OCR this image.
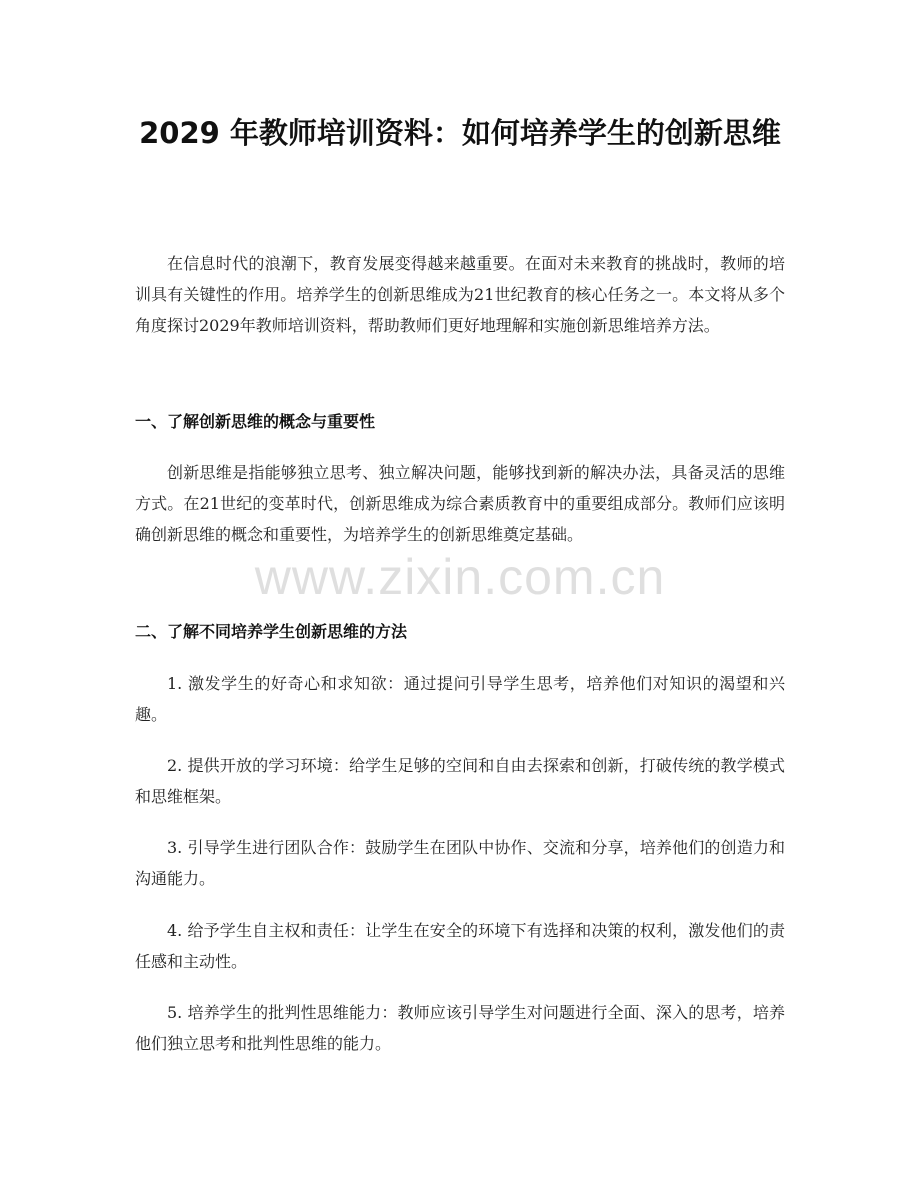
2029 年教师培训资料：如何培养学生的创新思维

在信息时代的浪潮下，教育发展变得越来越重要。在面对未来教育的挑战时，教师的培训具有关键性的作用。培养学生的创新思维成为21世纪教育的核心任务之一。本文将从多个角度探讨2029年教师培训资料，帮助教师们更好地理解和实施创新思维培养方法。

一、了解创新思维的概念与重要性

创新思维是指能够独立思考、独立解决问题，能够找到新的解决办法，具备灵活的思维方式。在21世纪的变革时代，创新思维成为综合素质教育中的重要组成部分。教师们应该明确创新思维的概念和重要性，为培养学生的创新思维奠定基础。

二、了解不同培养学生创新思维的方法

1. 激发学生的好奇心和求知欲：通过提问引导学生思考，培养他们对知识的渴望和兴趣。

2. 提供开放的学习环境：给学生足够的空间和自由去探索和创新，打破传统的教学模式和思维框架。

3. 引导学生进行团队合作：鼓励学生在团队中协作、交流和分享，培养他们的创造力和沟通能力。

4. 给予学生自主权和责任：让学生在安全的环境下有选择和决策的权利，激发他们的责任感和主动性。

5. 培养学生的批判性思维能力：教师应该引导学生对问题进行全面、深入的思考，培养他们独立思考和批判性思维的能力。

www.zixin.com.cn
